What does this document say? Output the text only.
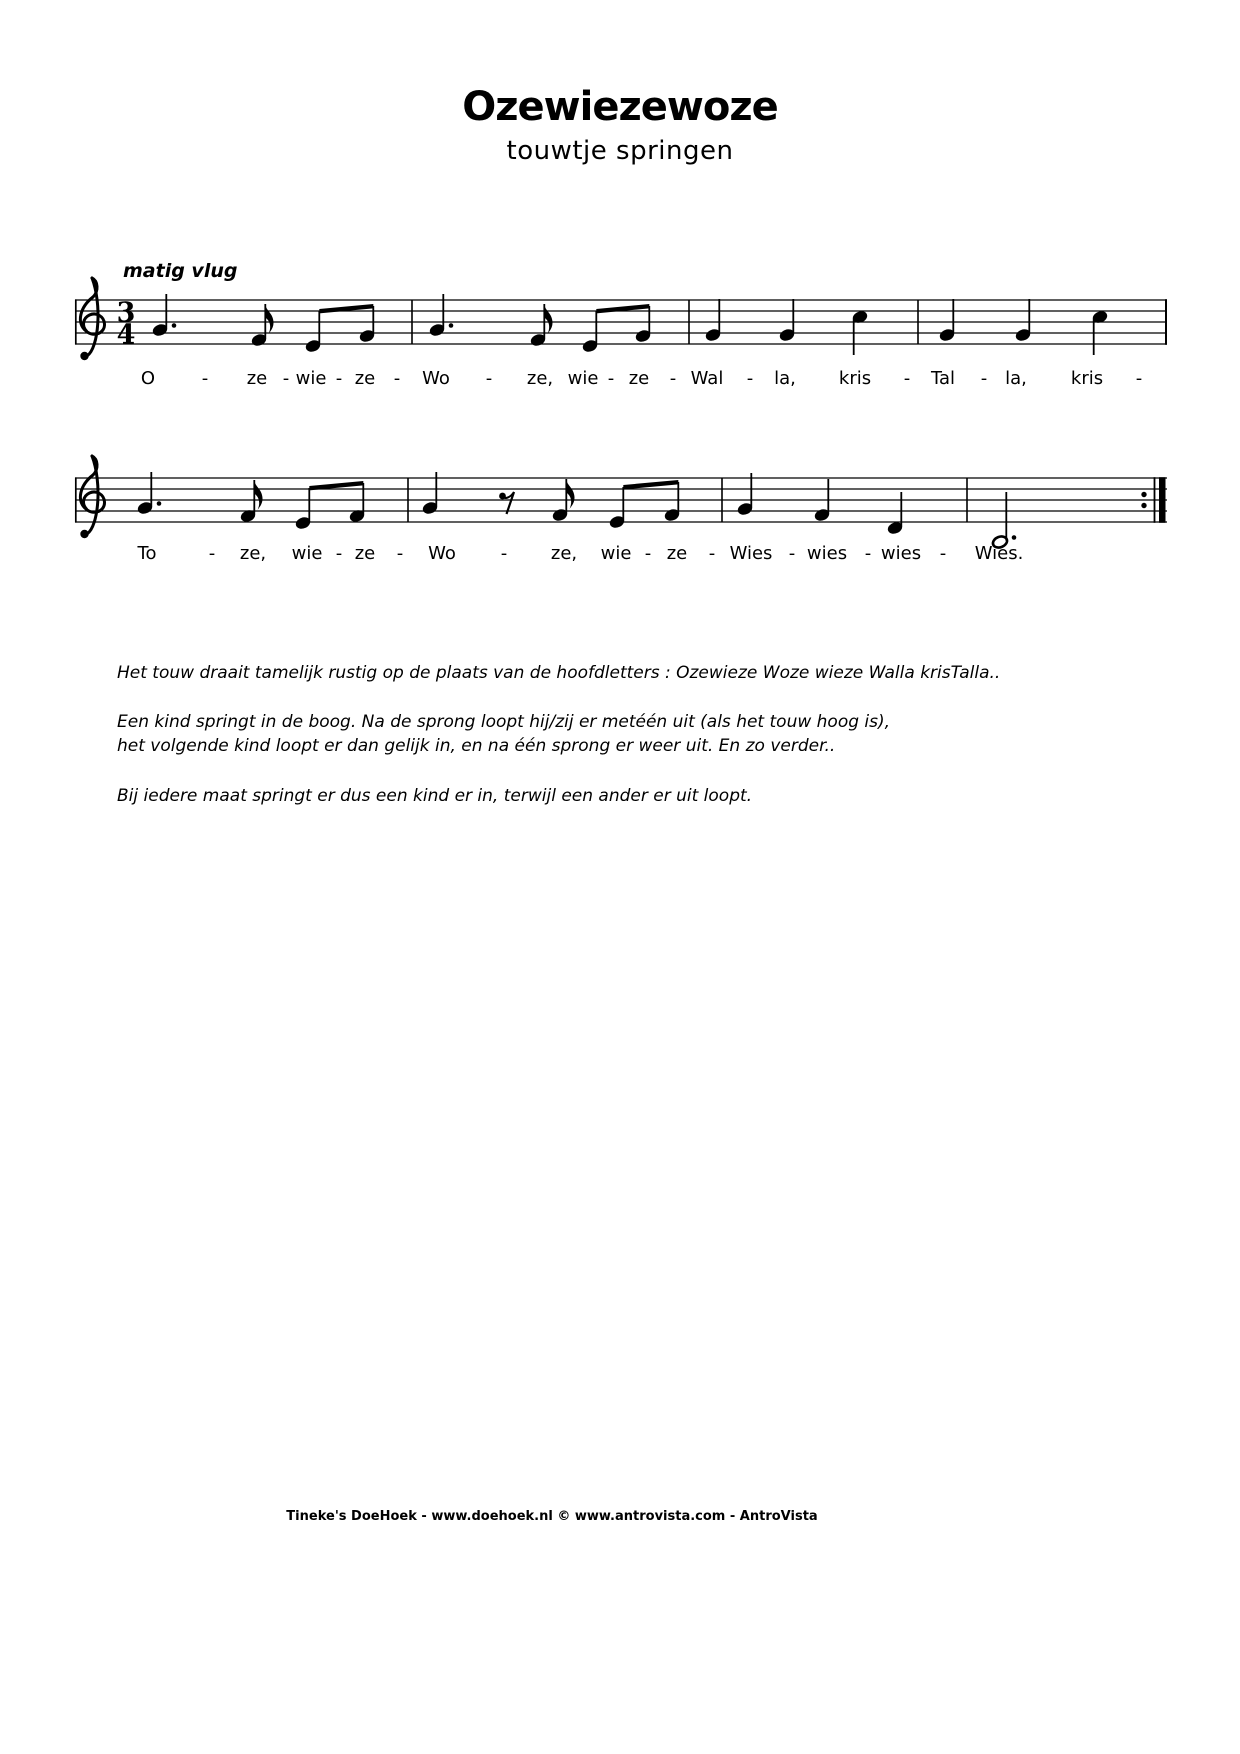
Ozewiezewoze
touwtje springen
matig vlug
3
4
O	- ze - wie - ze - Wo - ze, wie - ze - Wal - la, kris - Tal - la, kris -
To	- ze, wie - ze - Wo - ze, wie - ze - Wies - wies - wies - Wies.
Het touw draait tamelijk rustig op de plaats van de hoofdletters : Ozewieze Woze wieze Walla krisTalla..
Een kind springt in de boog. Na de sprong loopt hij/zij er metéén uit (als het touw hoog is),
het volgende kind loopt er dan gelijk in, en na één sprong er weer uit. En zo verder..
Bij iedere maat springt er dus een kind er in, terwijl een ander er uit loopt.
Tineke's DoeHoek - www.doehoek.nl © www.antrovista.com - AntroVista
